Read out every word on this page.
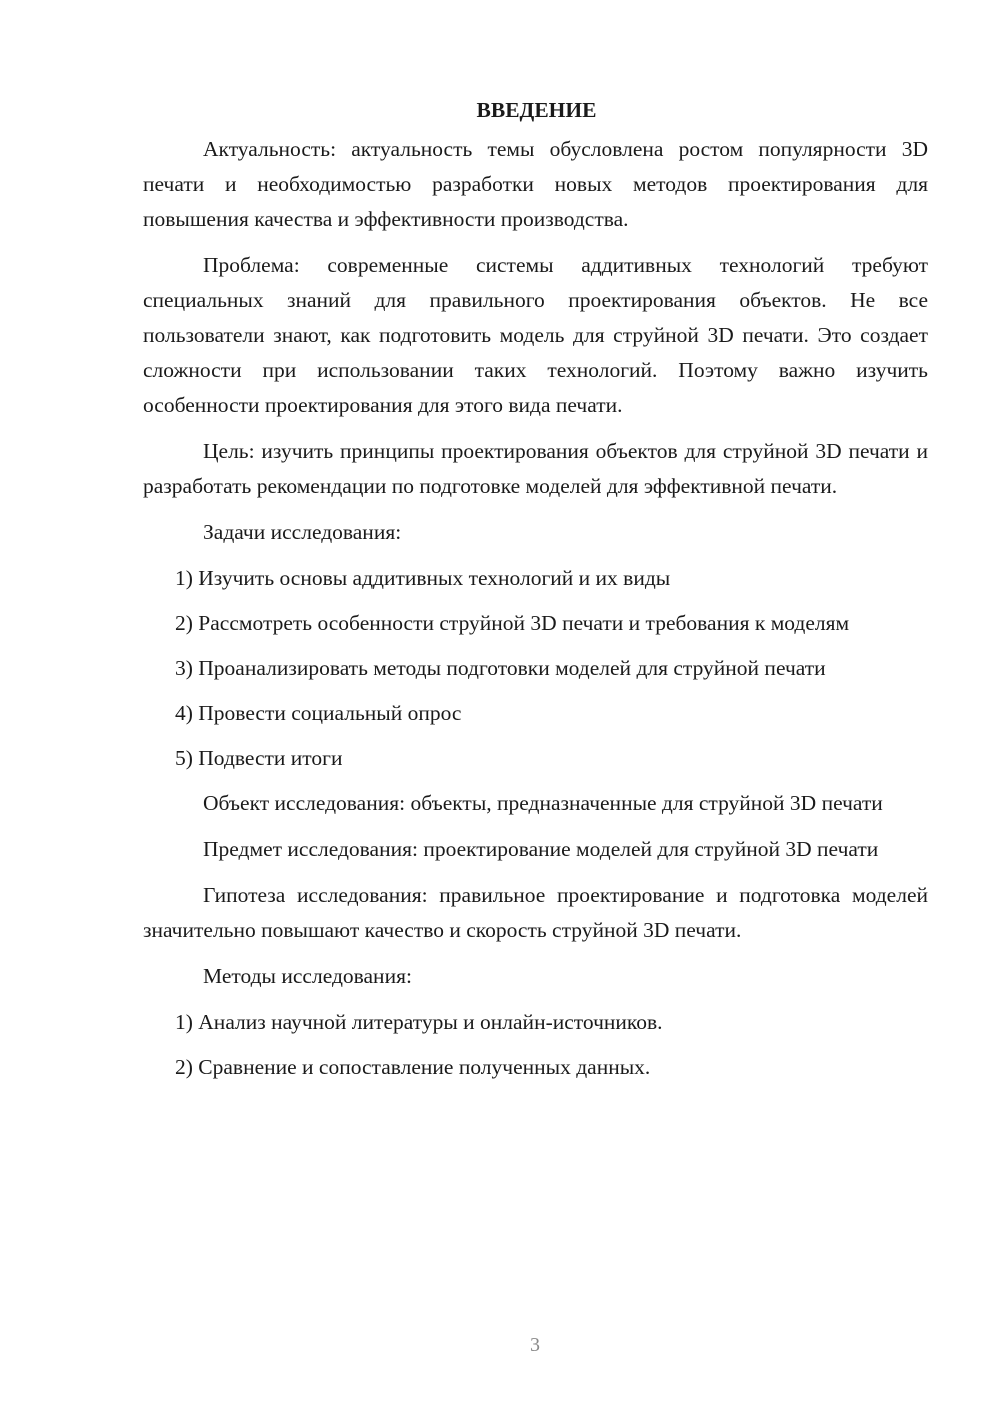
ВВЕДЕНИЕ

Актуальность: актуальность темы обусловлена ростом популярности 3D печати и необходимостью разработки новых методов проектирования для повышения качества и эффективности производства.

Проблема: современные системы аддитивных технологий требуют специальных знаний для правильного проектирования объектов. Не все пользователи знают, как подготовить модель для струйной 3D печати. Это создает сложности при использовании таких технологий. Поэтому важно изучить особенности проектирования для этого вида печати.

Цель: изучить принципы проектирования объектов для струйной 3D печати и разработать рекомендации по подготовке моделей для эффективной печати.

Задачи исследования:

1) Изучить основы аддитивных технологий и их виды

2) Рассмотреть особенности струйной 3D печати и требования к моделям

3) Проанализировать методы подготовки моделей для струйной печати

4) Провести социальный опрос

5) Подвести итоги

Объект исследования: объекты, предназначенные для струйной 3D печати

Предмет исследования: проектирование моделей для струйной 3D печати

Гипотеза исследования: правильное проектирование и подготовка моделей значительно повышают качество и скорость струйной 3D печати.

Методы исследования:

1) Анализ научной литературы и онлайн-источников.

2) Сравнение и сопоставление полученных данных.

3
